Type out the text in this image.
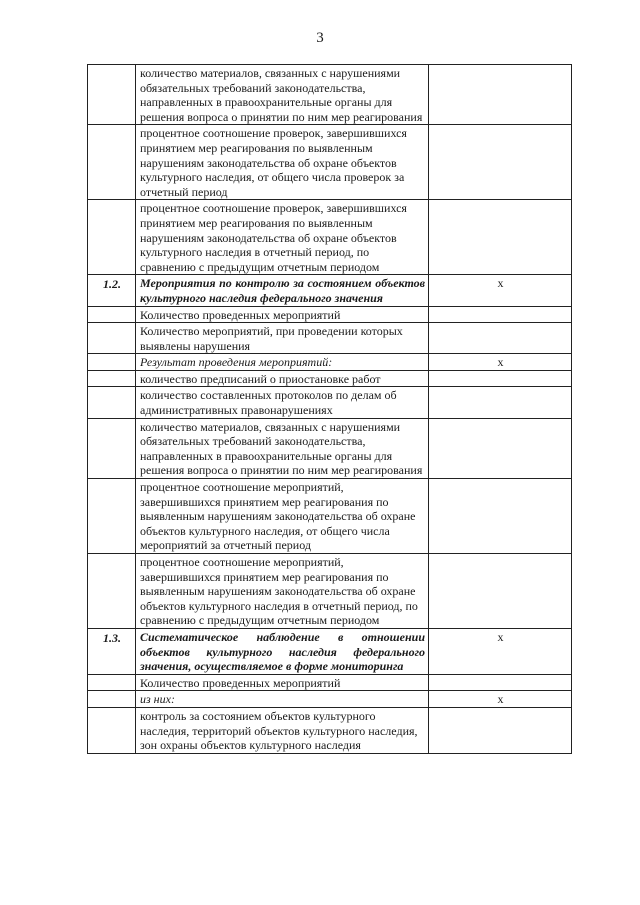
3
	количество материалов, связанных с нарушениями обязательных требований законодательства, направленных в правоохранительные органы для решения вопроса о принятии по ним мер реагирования	
	процентное соотношение проверок, завершившихся принятием мер реагирования по выявленным нарушениям законодательства об охране объектов культурного наследия, от общего числа проверок за отчетный период	
	процентное соотношение проверок, завершившихся принятием мер реагирования по выявленным нарушениям законодательства об охране объектов культурного наследия в отчетный период, по сравнению с предыдущим отчетным периодом	
1.2.	Мероприятия по контролю за состоянием объектов культурного наследия федерального значения	х
	Количество проведенных мероприятий	
	Количество мероприятий, при проведении которых выявлены нарушения	
	Результат проведения мероприятий:	х
	количество предписаний о приостановке работ	
	количество составленных протоколов по делам об административных правонарушениях	
	количество материалов, связанных с нарушениями обязательных требований законодательства, направленных в правоохранительные органы для решения вопроса о принятии по ним мер реагирования	
	процентное соотношение мероприятий, завершившихся принятием мер реагирования по выявленным нарушениям законодательства об охране объектов культурного наследия, от общего числа мероприятий за отчетный период	
	процентное соотношение мероприятий, завершившихся принятием мер реагирования по выявленным нарушениям законодательства об охране объектов культурного наследия в отчетный период, по сравнению с предыдущим отчетным периодом	
1.3.	Систематическое наблюдение в отношении объектов культурного наследия федерального значения, осуществляемое в форме мониторинга	х
	Количество проведенных мероприятий	
	из них:	х
	контроль за состоянием объектов культурного наследия, территорий объектов культурного наследия, зон охраны объектов культурного наследия	
